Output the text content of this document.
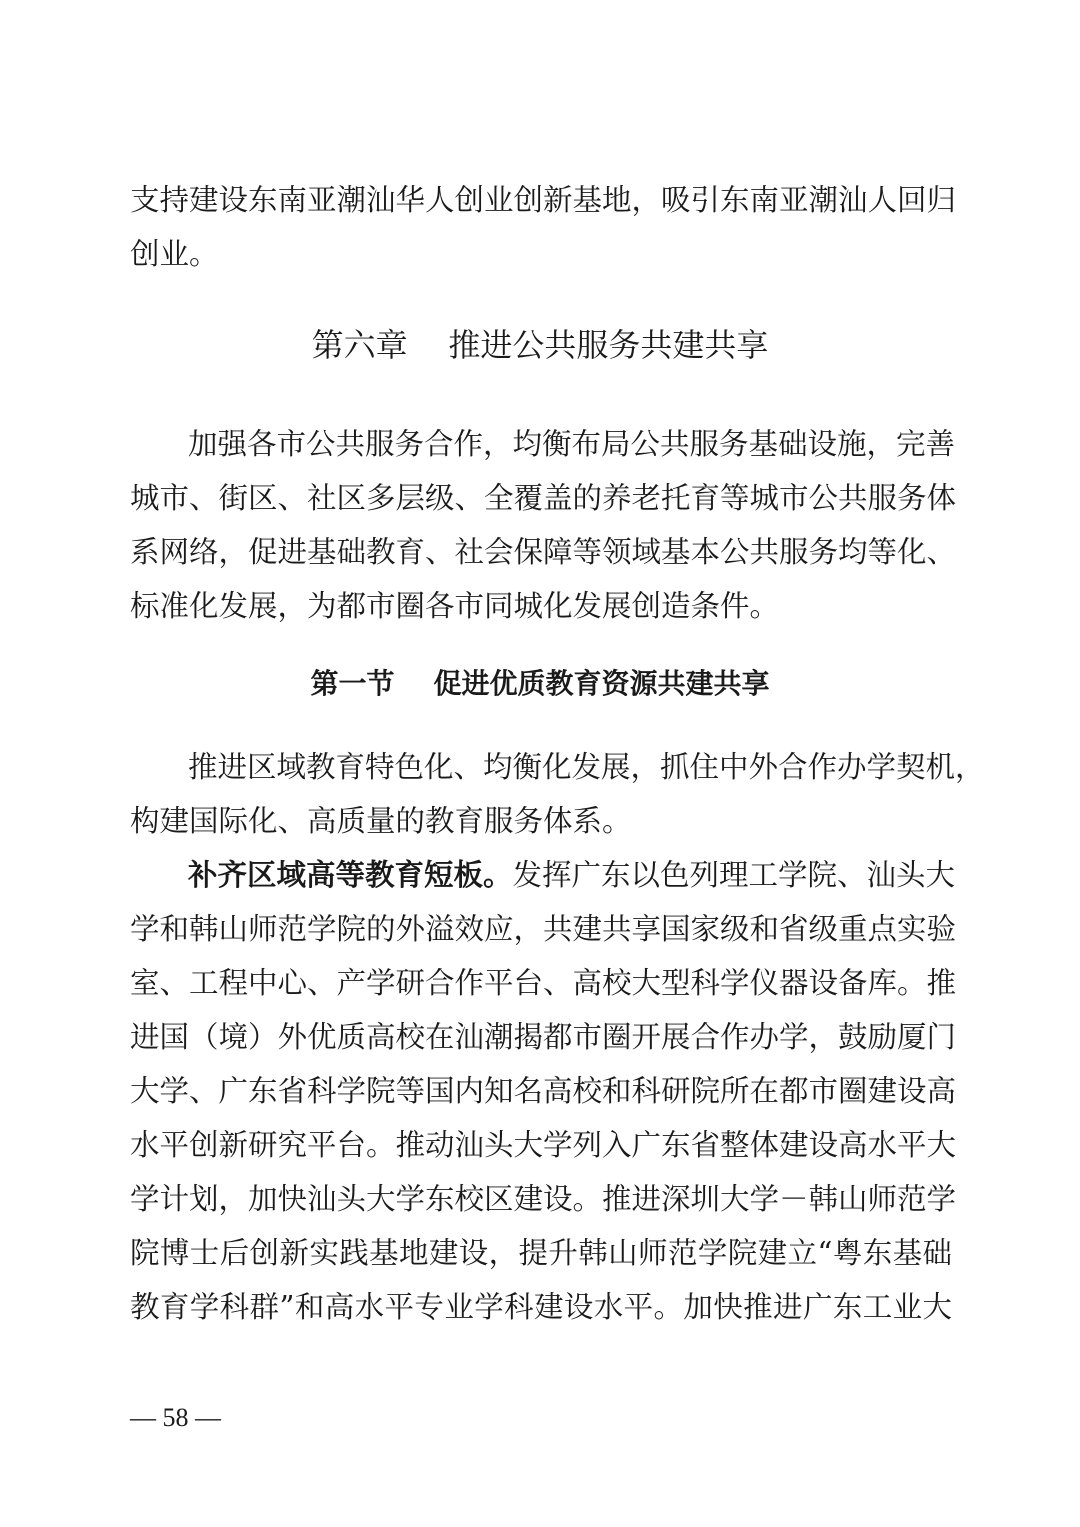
支持建设东南亚潮汕华人创业创新基地，吸引东南亚潮汕人回归
创业。
第六章    推进公共服务共建共享
加强各市公共服务合作，均衡布局公共服务基础设施，完善
城市、街区、社区多层级、全覆盖的养老托育等城市公共服务体
系网络，促进基础教育、社会保障等领域基本公共服务均等化、
标准化发展，为都市圈各市同城化发展创造条件。
第一节    促进优质教育资源共建共享
推进区域教育特色化、均衡化发展，抓住中外合作办学契机，
构建国际化、高质量的教育服务体系。
补齐区域高等教育短板。发挥广东以色列理工学院、汕头大
学和韩山师范学院的外溢效应，共建共享国家级和省级重点实验
室、工程中心、产学研合作平台、高校大型科学仪器设备库。推
进国（境）外优质高校在汕潮揭都市圈开展合作办学，鼓励厦门
大学、广东省科学院等国内知名高校和科研院所在都市圈建设高
水平创新研究平台。推动汕头大学列入广东省整体建设高水平大
学计划，加快汕头大学东校区建设。推进深圳大学－韩山师范学
院博士后创新实践基地建设，提升韩山师范学院建立“粤东基础
教育学科群”和高水平专业学科建设水平。加快推进广东工业大
— 58 —
